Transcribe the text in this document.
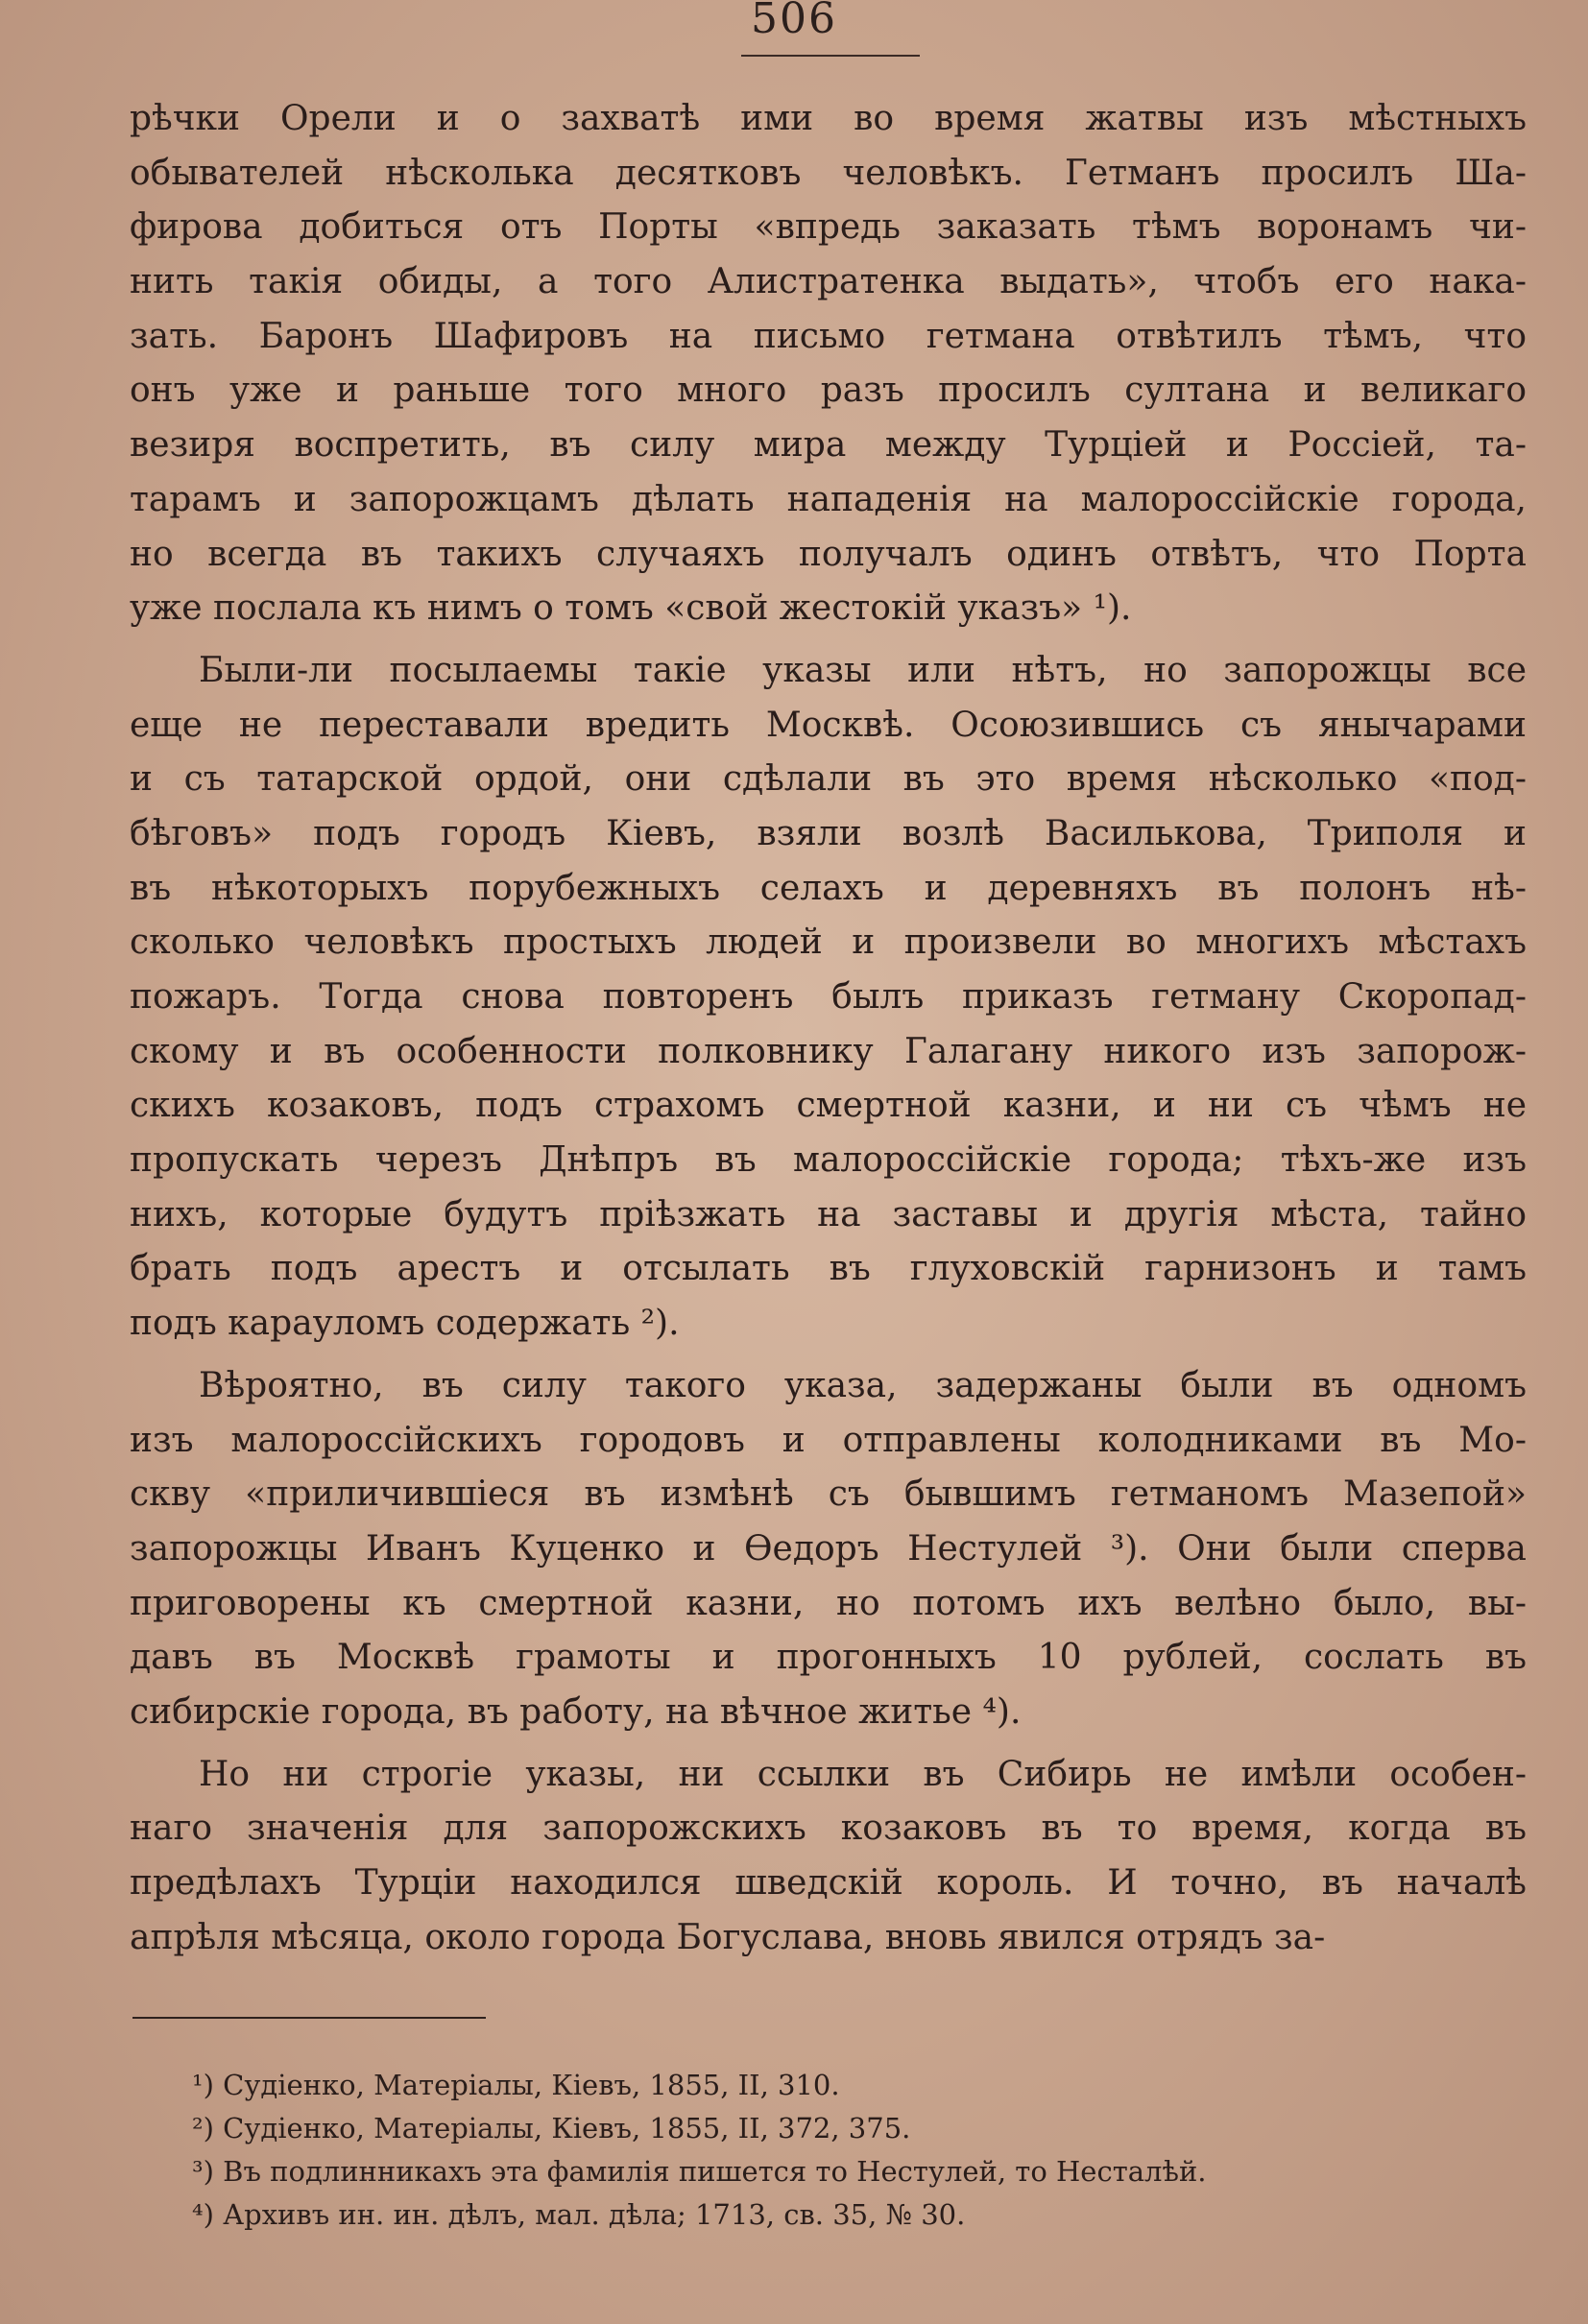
506
рѣчки Орели и о захватѣ ими во время жатвы изъ мѣстныхъ
обывателей нѣсколька десятковъ человѣкъ. Гетманъ просилъ Ша-
фирова добиться отъ Порты «впредь заказать тѣмъ воронамъ чи-
нить такія обиды, а того Алистратенка выдать», чтобъ его нака-
зать. Баронъ Шафировъ на письмо гетмана отвѣтилъ тѣмъ, что
онъ уже и раньше того много разъ просилъ султана и великаго
везиря воспретить, въ силу мира между Турціей и Россіей, та-
тарамъ и запорожцамъ дѣлать нападенія на малороссійскіе города,
но всегда въ такихъ случаяхъ получалъ одинъ отвѣтъ, что Порта
уже послала къ нимъ о томъ «свой жестокій указъ» ¹).
Были-ли посылаемы такіе указы или нѣтъ, но запорожцы все
еще не переставали вредить Москвѣ. Осоюзившись съ янычарами
и съ татарской ордой, они сдѣлали въ это время нѣсколько «под-
бѣговъ» подъ городъ Кіевъ, взяли возлѣ Василькова, Триполя и
въ нѣкоторыхъ порубежныхъ селахъ и деревняхъ въ полонъ нѣ-
сколько человѣкъ простыхъ людей и произвели во многихъ мѣстахъ
пожаръ. Тогда снова повторенъ былъ приказъ гетману Скоропад-
скому и въ особенности полковнику Галагану никого изъ запорож-
скихъ козаковъ, подъ страхомъ смертной казни, и ни съ чѣмъ не
пропускать черезъ Днѣпръ въ малороссійскіе города; тѣхъ-же изъ
нихъ, которые будутъ пріѣзжать на заставы и другія мѣста, тайно
брать подъ арестъ и отсылать въ глуховскій гарнизонъ и тамъ
подъ карауломъ содержать ²).
Вѣроятно, въ силу такого указа, задержаны были въ одномъ
изъ малороссійскихъ городовъ и отправлены колодниками въ Мо-
скву «приличившіеся въ измѣнѣ съ бывшимъ гетманомъ Мазепой»
запорожцы Иванъ Куценко и Ѳедоръ Нестулей ³). Они были сперва
приговорены къ смертной казни, но потомъ ихъ велѣно было, вы-
давъ въ Москвѣ грамоты и прогонныхъ 10 рублей, сослать въ
сибирскіе города, въ работу, на вѣчное житье ⁴).
Но ни строгіе указы, ни ссылки въ Сибирь не имѣли особен-
наго значенія для запорожскихъ козаковъ въ то время, когда въ
предѣлахъ Турціи находился шведскій король. И точно, въ началѣ
апрѣля мѣсяца, около города Богуслава, вновь явился отрядъ за-
¹) Судіенко, Матеріалы, Кіевъ, 1855, II, 310.
²) Судіенко, Матеріалы, Кіевъ, 1855, II, 372, 375.
³) Въ подлинникахъ эта фамилія пишется то Нестулей, то Несталѣй.
⁴) Архивъ ин. ин. дѣлъ, мал. дѣла; 1713, св. 35, № 30.
